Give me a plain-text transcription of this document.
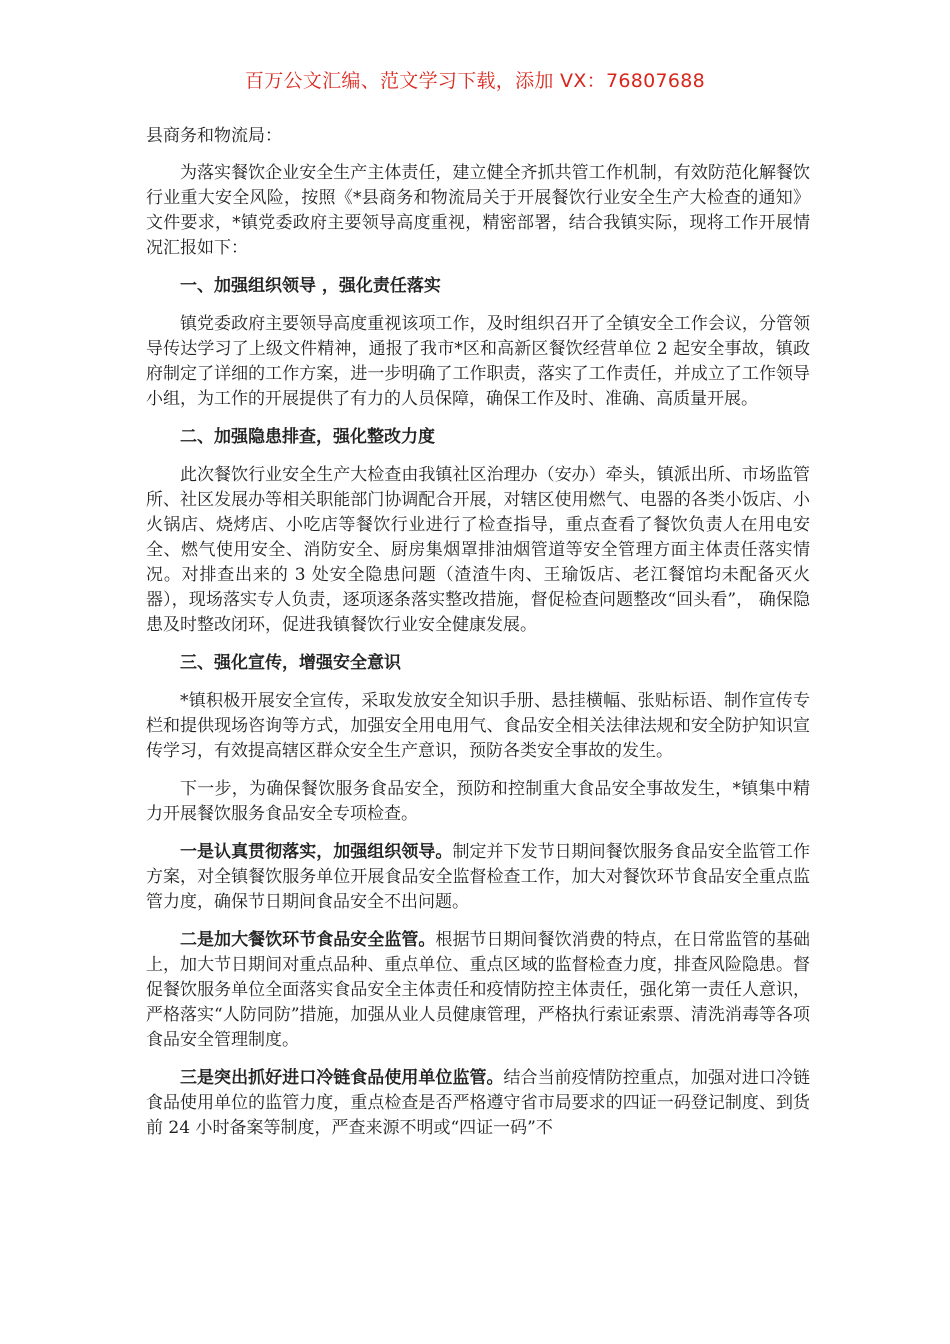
百万公文汇编、范文学习下载，添加 VX：76807688

县商务和物流局：

为落实餐饮企业安全生产主体责任，建立健全齐抓共管工作机制，有效防范化解餐饮行业重大安全风险，按照《*县商务和物流局关于开展餐饮行业安全生产大检查的通知》文件要求，*镇党委政府主要领导高度重视，精密部署，结合我镇实际，现将工作开展情况汇报如下：

一、加强组织领导 ，强化责任落实

镇党委政府主要领导高度重视该项工作，及时组织召开了全镇安全工作会议，分管领导传达学习了上级文件精神，通报了我市*区和高新区餐饮经营单位 2 起安全事故，镇政府制定了详细的工作方案，进一步明确了工作职责，落实了工作责任，并成立了工作领导小组，为工作的开展提供了有力的人员保障，确保工作及时、准确、高质量开展。

二、加强隐患排查，强化整改力度

此次餐饮行业安全生产大检查由我镇社区治理办（安办）牵头，镇派出所、市场监管所、社区发展办等相关职能部门协调配合开展，对辖区使用燃气、电器的各类小饭店、小火锅店、烧烤店、小吃店等餐饮行业进行了检查指导，重点查看了餐饮负责人在用电安全、燃气使用安全、消防安全、厨房集烟罩排油烟管道等安全管理方面主体责任落实情况。对排查出来的 3 处安全隐患问题（渣渣牛肉、王瑜饭店、老江餐馆均未配备灭火器），现场落实专人负责，逐项逐条落实整改措施，督促检查问题整改“回头看”， 确保隐患及时整改闭环，促进我镇餐饮行业安全健康发展。

三、强化宣传，增强安全意识

*镇积极开展安全宣传，采取发放安全知识手册、悬挂横幅、张贴标语、制作宣传专栏和提供现场咨询等方式，加强安全用电用气、食品安全相关法律法规和安全防护知识宣传学习，有效提高辖区群众安全生产意识，预防各类安全事故的发生。

下一步，为确保餐饮服务食品安全，预防和控制重大食品安全事故发生，*镇集中精力开展餐饮服务食品安全专项检查。

一是认真贯彻落实，加强组织领导。制定并下发节日期间餐饮服务食品安全监管工作方案，对全镇餐饮服务单位开展食品安全监督检查工作，加大对餐饮环节食品安全重点监管力度，确保节日期间食品安全不出问题。

二是加大餐饮环节食品安全监管。根据节日期间餐饮消费的特点，在日常监管的基础上，加大节日期间对重点品种、重点单位、重点区域的监督检查力度，排查风险隐患。督促餐饮服务单位全面落实食品安全主体责任和疫情防控主体责任，强化第一责任人意识，严格落实“人防同防”措施，加强从业人员健康管理，严格执行索证索票、清洗消毒等各项食品安全管理制度。

三是突出抓好进口冷链食品使用单位监管。结合当前疫情防控重点，加强对进口冷链食品使用单位的监管力度，重点检查是否严格遵守省市局要求的四证一码登记制度、到货前 24 小时备案等制度，严查来源不明或“四证一码”不
